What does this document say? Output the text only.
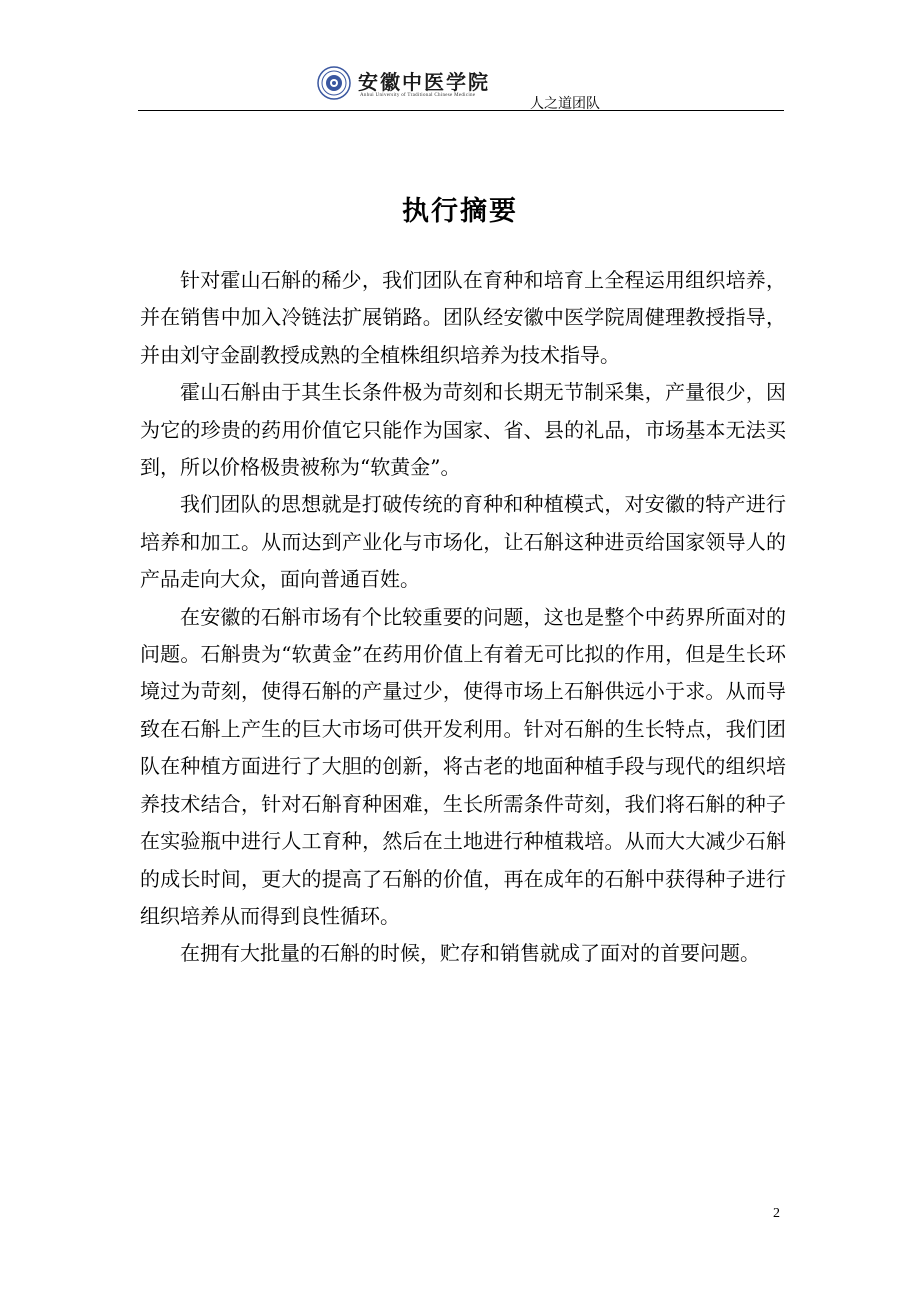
安徽中医学院
Anhui University of Traditional Chinese Medicine
人之道团队
执行摘要

针对霍山石斛的稀少，我们团队在育种和培育上全程运用组织培养，并在销售中加入冷链法扩展销路。团队经安徽中医学院周健理教授指导，并由刘守金副教授成熟的全植株组织培养为技术指导。

霍山石斛由于其生长条件极为苛刻和长期无节制采集，产量很少，因为它的珍贵的药用价值它只能作为国家、省、县的礼品，市场基本无法买到，所以价格极贵被称为“软黄金”。

我们团队的思想就是打破传统的育种和种植模式，对安徽的特产进行培养和加工。从而达到产业化与市场化，让石斛这种进贡给国家领导人的产品走向大众，面向普通百姓。

在安徽的石斛市场有个比较重要的问题，这也是整个中药界所面对的问题。石斛贵为“软黄金”在药用价值上有着无可比拟的作用，但是生长环境过为苛刻，使得石斛的产量过少，使得市场上石斛供远小于求。从而导致在石斛上产生的巨大市场可供开发利用。针对石斛的生长特点，我们团队在种植方面进行了大胆的创新，将古老的地面种植手段与现代的组织培养技术结合，针对石斛育种困难，生长所需条件苛刻，我们将石斛的种子在实验瓶中进行人工育种，然后在土地进行种植栽培。从而大大减少石斛的成长时间，更大的提高了石斛的价值，再在成年的石斛中获得种子进行组织培养从而得到良性循环。

在拥有大批量的石斛的时候，贮存和销售就成了面对的首要问题。

2
